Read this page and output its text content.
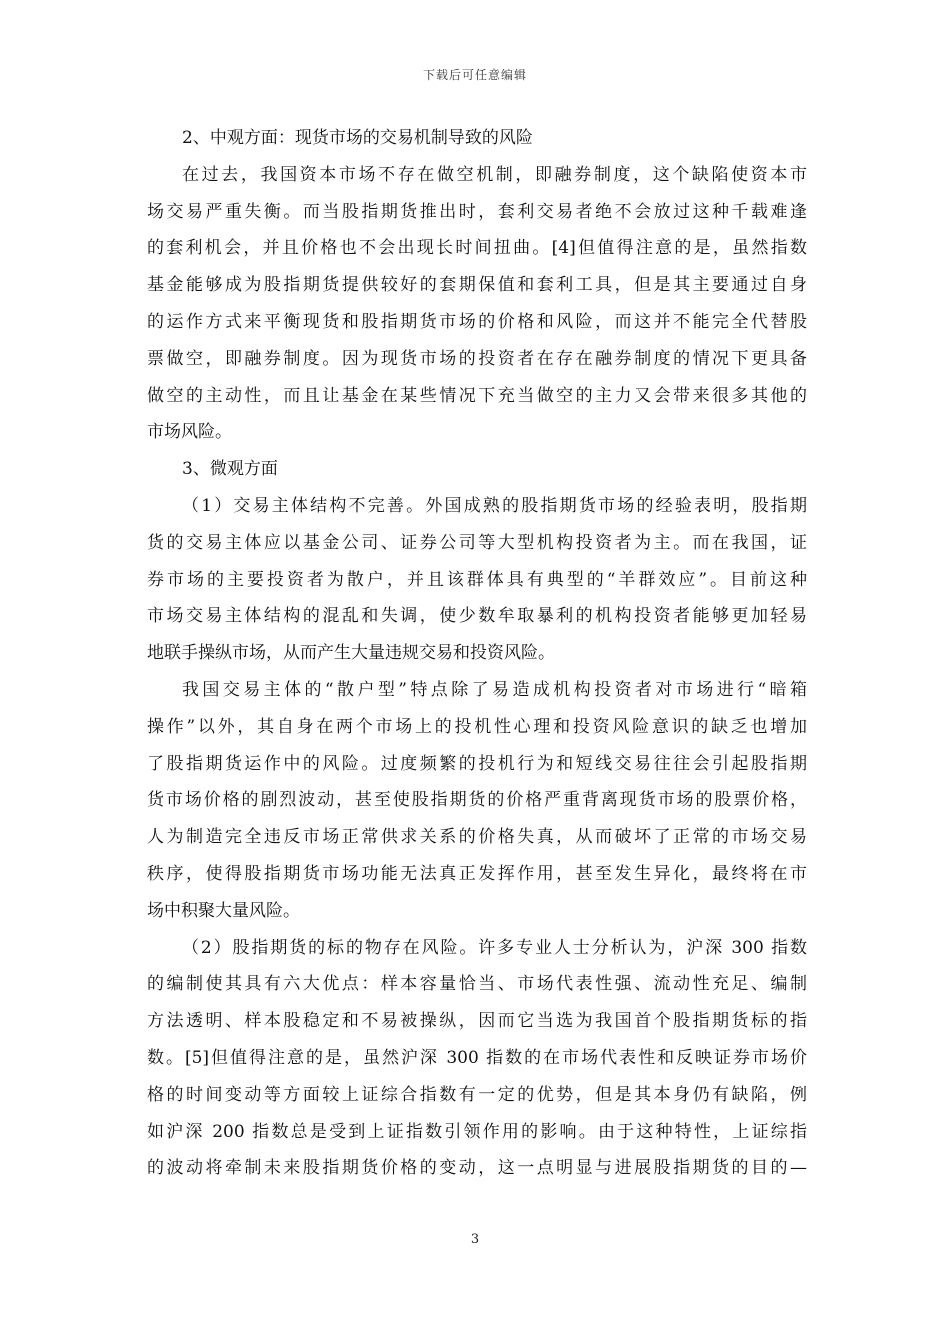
下载后可任意编辑
2、中观方面：现货市场的交易机制导致的风险
在过去，我国资本市场不存在做空机制，即融券制度，这个缺陷使资本市
场交易严重失衡。而当股指期货推出时，套利交易者绝不会放过这种千载难逢
的套利机会，并且价格也不会出现长时间扭曲。[4]但值得注意的是，虽然指数
基金能够成为股指期货提供较好的套期保值和套利工具，但是其主要通过自身
的运作方式来平衡现货和股指期货市场的价格和风险，而这并不能完全代替股
票做空，即融券制度。因为现货市场的投资者在存在融券制度的情况下更具备
做空的主动性，而且让基金在某些情况下充当做空的主力又会带来很多其他的
市场风险。
3、微观方面
（1）交易主体结构不完善。外国成熟的股指期货市场的经验表明，股指期
货的交易主体应以基金公司、证券公司等大型机构投资者为主。而在我国，证
券市场的主要投资者为散户，并且该群体具有典型的“羊群效应”。目前这种
市场交易主体结构的混乱和失调，使少数牟取暴利的机构投资者能够更加轻易
地联手操纵市场，从而产生大量违规交易和投资风险。
我国交易主体的“散户型”特点除了易造成机构投资者对市场进行“暗箱
操作”以外，其自身在两个市场上的投机性心理和投资风险意识的缺乏也增加
了股指期货运作中的风险。过度频繁的投机行为和短线交易往往会引起股指期
货市场价格的剧烈波动，甚至使股指期货的价格严重背离现货市场的股票价格，
人为制造完全违反市场正常供求关系的价格失真，从而破坏了正常的市场交易
秩序，使得股指期货市场功能无法真正发挥作用，甚至发生异化，最终将在市
场中积聚大量风险。
（2）股指期货的标的物存在风险。许多专业人士分析认为，沪深 300 指数
的编制使其具有六大优点：样本容量恰当、市场代表性强、流动性充足、编制
方法透明、样本股稳定和不易被操纵，因而它当选为我国首个股指期货标的指
数。[5]但值得注意的是，虽然沪深 300 指数的在市场代表性和反映证券市场价
格的时间变动等方面较上证综合指数有一定的优势，但是其本身仍有缺陷，例
如沪深 200 指数总是受到上证指数引领作用的影响。由于这种特性，上证综指
的波动将牵制未来股指期货价格的变动，这一点明显与进展股指期货的目的—
3
